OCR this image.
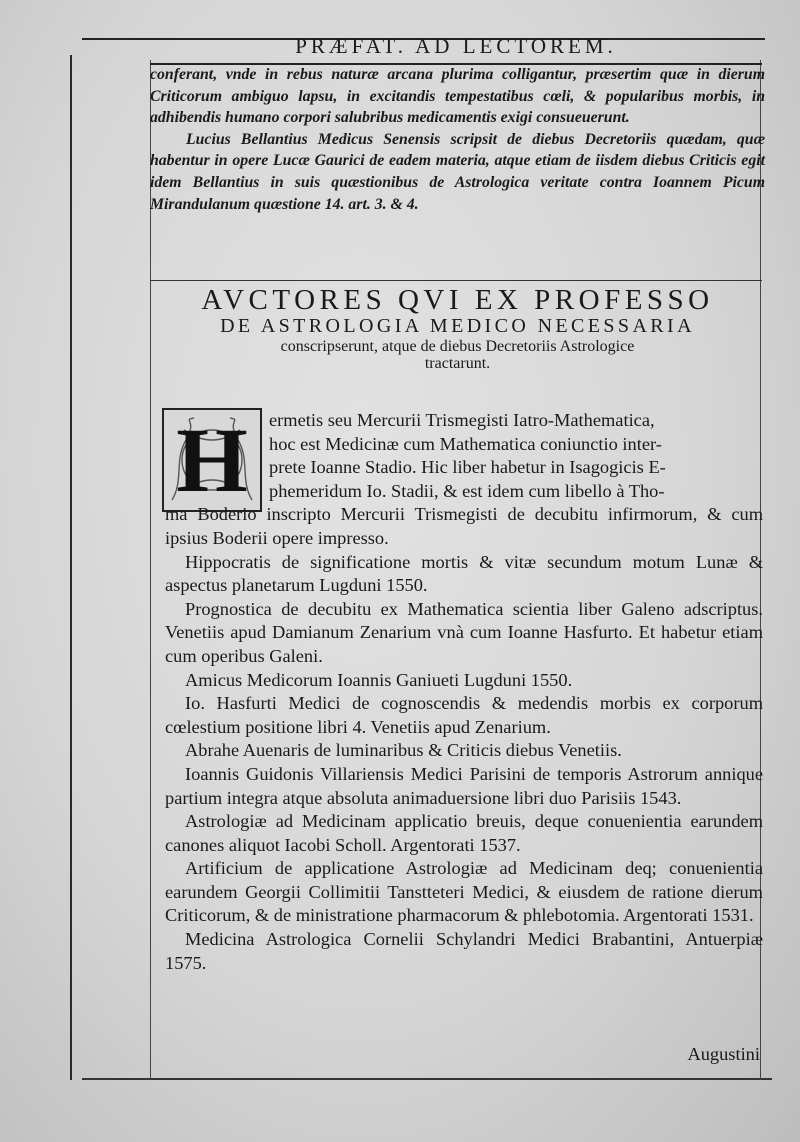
PRÆFAT. AD LECTOREM.

conferant, vnde in rebus naturæ arcana plurima colligantur, præsertim quæ in dierum Criticorum ambiguo lapsu, in excitandis tempestatibus cœli, & popularibus morbis, in adhibendis humano corpori salubribus medicamentis exigi consueuerunt.

Lucius Bellantius Medicus Senensis scripsit de diebus Decretoriis quædam, quæ habentur in opere Lucæ Gaurici de eadem materia, atque etiam de iisdem diebus Criticis egit idem Bellantius in suis quæstionibus de Astrologica veritate contra Ioannem Picum Mirandulanum quæstione 14. art. 3. & 4.

AVCTORES QVI EX PROFESSO
DE ASTROLOGIA MEDICO NECESSARIA
conscripserunt, atque de diebus Decretoriis Astrologice
tractarunt.
H	ermetis seu Mercurii Trismegisti Iatro-Mathematica,

hoc est Medicinæ cum Mathematica coniunctio inter-

prete Ioanne Stadio. Hic liber habetur in Isagogicis E-

phemeridum Io. Stadii, & est idem cum libello à Tho-

ma Boderio inscripto Mercurii Trismegisti de decubitu infirmorum, & cum ipsius Boderii opere impresso.

Hippocratis de significatione mortis & vitæ secundum motum Lunæ & aspectus planetarum Lugduni 1550.

Prognostica de decubitu ex Mathematica scientia liber Galeno adscriptus. Venetiis apud Damianum Zenarium vnà cum Ioanne Hasfurto. Et habetur etiam cum operibus Galeni.

Amicus Medicorum Ioannis Ganiueti Lugduni 1550.

Io. Hasfurti Medici de cognoscendis & medendis morbis ex corporum cœlestium positione libri 4. Venetiis apud Zenarium.

Abrahe Auenaris de luminaribus & Criticis diebus Venetiis.

Ioannis Guidonis Villariensis Medici Parisini de temporis Astrorum annique partium integra atque absoluta animaduersione libri duo Parisiis 1543.

Astrologiæ ad Medicinam applicatio breuis, deque conuenientia earundem canones aliquot Iacobi Scholl. Argentorati 1537.

Artificium de applicatione Astrologiæ ad Medicinam deq; conuenientia earundem Georgii Collimitii Tanstteteri Medici, & eiusdem de ratione dierum Criticorum, & de ministratione pharmacorum & phlebotomia. Argentorati 1531.

Medicina Astrologica Cornelii Schylandri Medici Brabantini, Antuerpiæ 1575.

Augustini
